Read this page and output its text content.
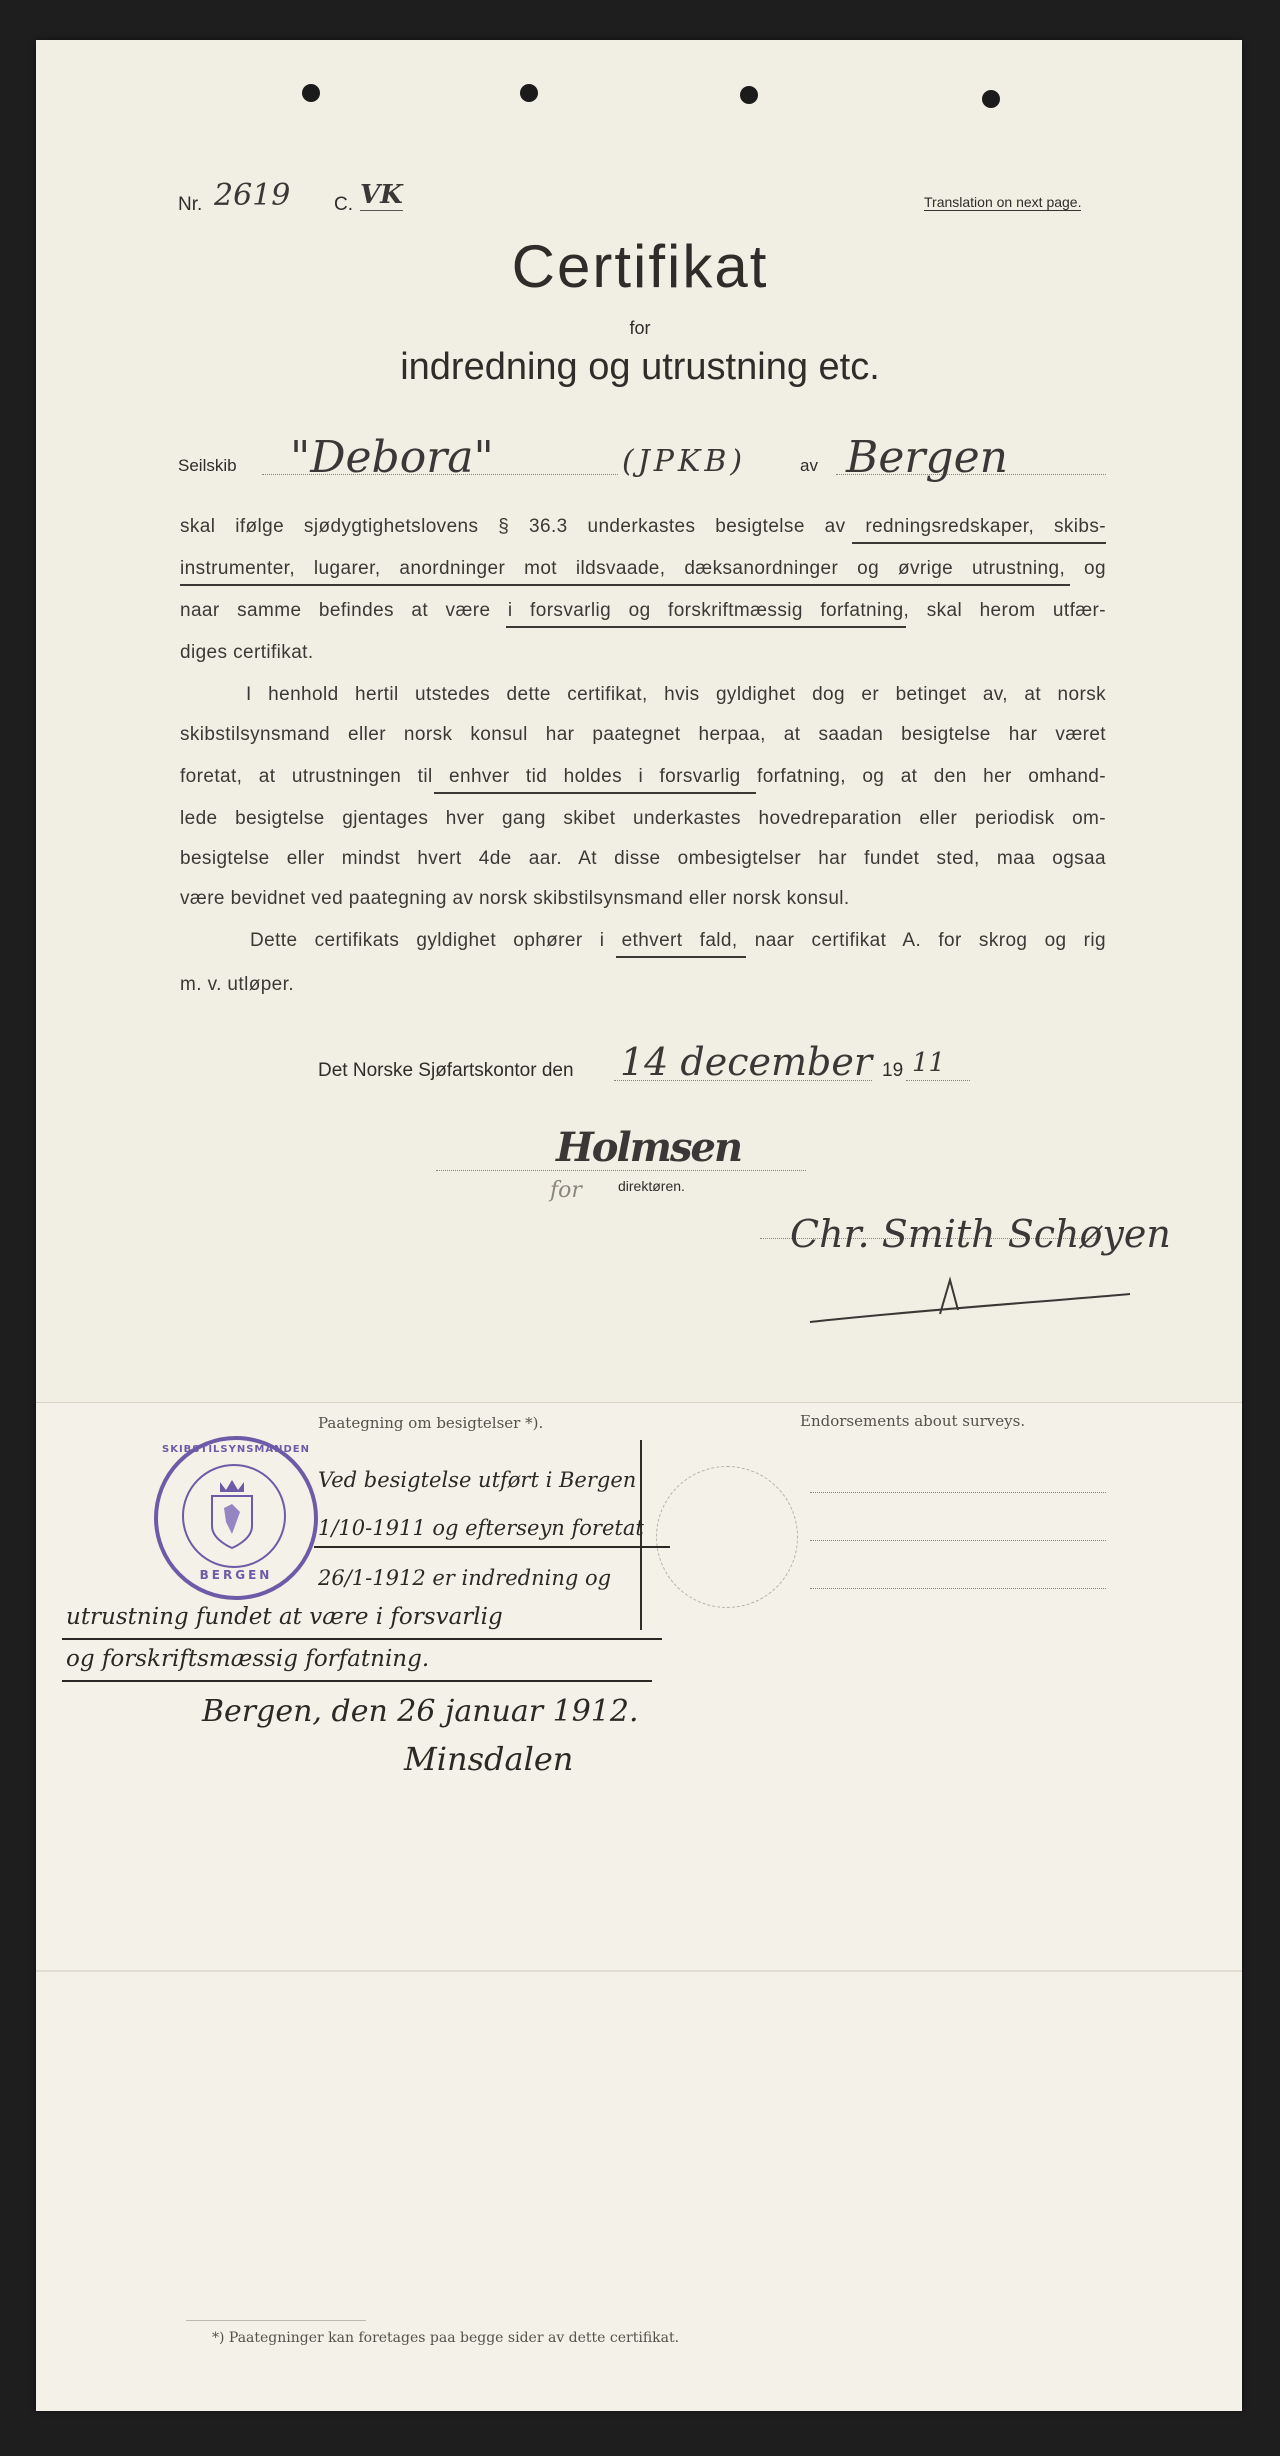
Nr. 2619 C. VK	Translation on next page.
Certifikat
for
indredning og utrustning etc.
Seilskib "Debora"	(JPKB)	av Bergen
skal ifølge sjødygtighetslovens § 36.3 underkastes besigtelse av redningsredskaper, skibs-
instrumenter, lugarer, anordninger mot ildsvaade, dæksanordninger og øvrige utrustning, og
naar samme befindes at være i forsvarlig og forskriftmæssig forfatning, skal herom utfær-
diges certifikat.
I henhold hertil utstedes dette certifikat, hvis gyldighet dog er betinget av, at norsk
skibstilsynsmand eller norsk konsul har paategnet herpaa, at saadan besigtelse har været
foretat, at utrustningen til enhver tid holdes i forsvarlig forfatning, og at den her omhand-
lede besigtelse gjentages hver gang skibet underkastes hovedreparation eller periodisk om-
besigtelse eller mindst hvert 4de aar. At disse ombesigtelser har fundet sted, maa ogsaa
være bevidnet ved paategning av norsk skibstilsynsmand eller norsk konsul.
Dette certifikats gyldighet ophører i ethvert fald, naar certifikat A. for skrog og rig
m. v. utløper.
Det Norske Sjøfartskontor den 14 december 19 11
Holmsen
for	direktøren.
Chr. Smith Schøyen
Paategning om besigtelser *).	Endorsements about surveys.
SKIBSTILSYNSMANDEN
BERGEN
Ved besigtelse utført i Bergen
1/10-1911 og efterseyn foretat
26/1-1912 er indredning og
utrustning fundet at være i forsvarlig
og forskriftsmæssig forfatning.
Bergen, den 26 januar 1912.
Minsdalen
*) Paategninger kan foretages paa begge sider av dette certifikat.
